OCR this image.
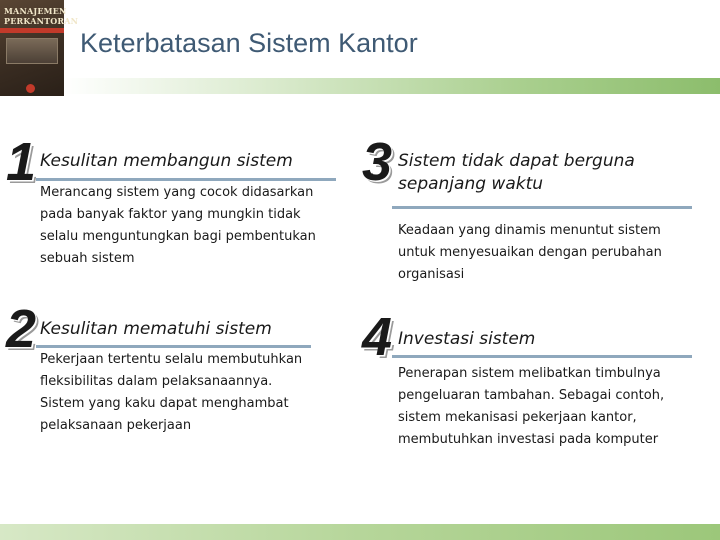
MANAJEMEN
PERKANTORAN
Keterbatasan Sistem Kantor
1 Kesulitan membangun sistem
Merancang sistem yang cocok didasarkan pada banyak faktor yang mungkin tidak selalu menguntungkan bagi pembentukan sebuah sistem
2 Kesulitan mematuhi sistem
Pekerjaan tertentu selalu membutuhkan fleksibilitas dalam pelaksanaannya. Sistem yang kaku dapat menghambat pelaksanaan pekerjaan
3 Sistem tidak dapat berguna sepanjang waktu
Keadaan yang dinamis menuntut sistem untuk menyesuaikan dengan perubahan organisasi
4 Investasi sistem
Penerapan sistem melibatkan timbulnya pengeluaran tambahan. Sebagai contoh, sistem mekanisasi pekerjaan kantor, membutuhkan investasi pada komputer
